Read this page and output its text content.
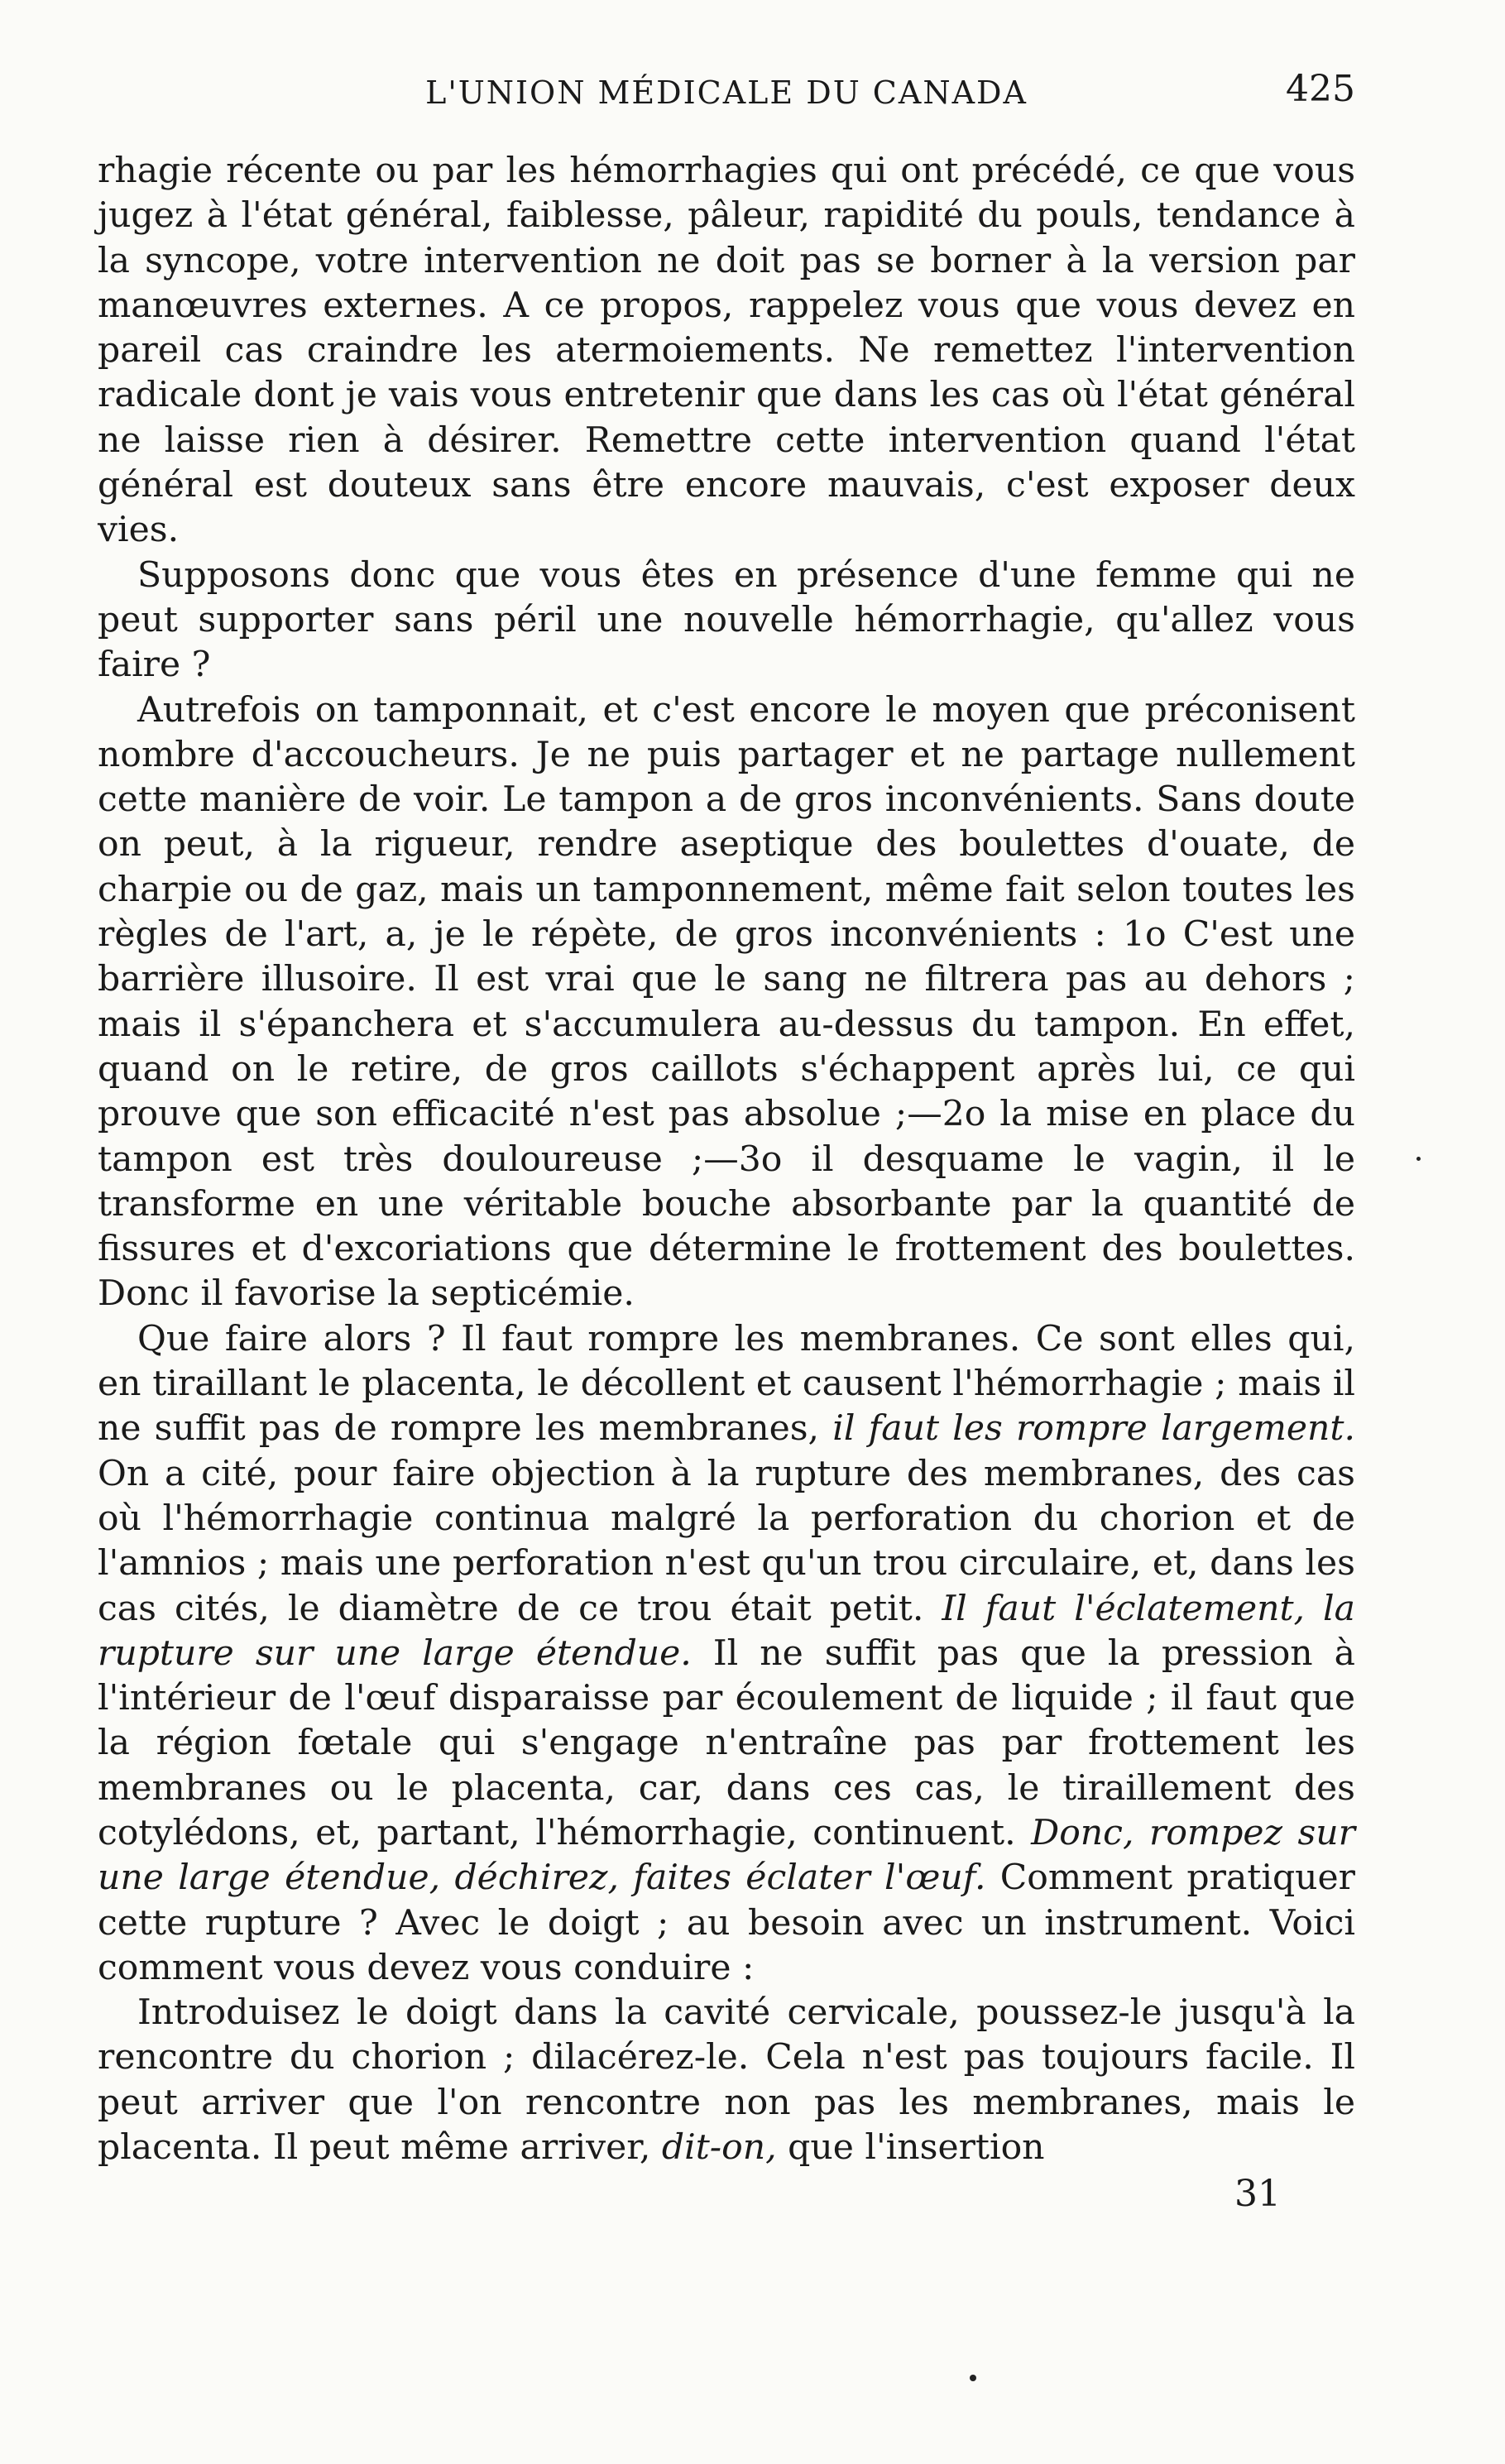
L'UNION MÉDICALE DU CANADA	425

rhagie récente ou par les hémorrhagies qui ont précédé, ce que vous jugez à l'état général, faiblesse, pâleur, rapidité du pouls, tendance à la syncope, votre intervention ne doit pas se borner à la version par manœuvres externes. A ce propos, rappelez vous que vous devez en pareil cas craindre les atermoiements. Ne remettez l'intervention radicale dont je vais vous entretenir que dans les cas où l'état général ne laisse rien à désirer. Remettre cette intervention quand l'état général est douteux sans être encore mauvais, c'est exposer deux vies.

Supposons donc que vous êtes en présence d'une femme qui ne peut supporter sans péril une nouvelle hémorrhagie, qu'allez vous faire ?

Autrefois on tamponnait, et c'est encore le moyen que préconisent nombre d'accoucheurs. Je ne puis partager et ne partage nullement cette manière de voir. Le tampon a de gros inconvénients. Sans doute on peut, à la rigueur, rendre aseptique des boulettes d'ouate, de charpie ou de gaz, mais un tamponnement, même fait selon toutes les règles de l'art, a, je le répète, de gros inconvénients : 1o C'est une barrière illusoire. Il est vrai que le sang ne filtrera pas au dehors ; mais il s'épanchera et s'accumulera au-dessus du tampon. En effet, quand on le retire, de gros caillots s'échappent après lui, ce qui prouve que son efficacité n'est pas absolue ;—2o la mise en place du tampon est très douloureuse ;—3o il desquame le vagin, il le transforme en une véritable bouche absorbante par la quantité de fissures et d'excoriations que détermine le frottement des boulettes. Donc il favorise la septicémie.

Que faire alors ? Il faut rompre les membranes. Ce sont elles qui, en tiraillant le placenta, le décollent et causent l'hémorrhagie ; mais il ne suffit pas de rompre les membranes, il faut les rompre largement. On a cité, pour faire objection à la rupture des membranes, des cas où l'hémorrhagie continua malgré la perforation du chorion et de l'amnios ; mais une perforation n'est qu'un trou circulaire, et, dans les cas cités, le diamètre de ce trou était petit. Il faut l'éclatement, la rupture sur une large étendue. Il ne suffit pas que la pression à l'intérieur de l'œuf disparaisse par écoulement de liquide ; il faut que la région fœtale qui s'engage n'entraîne pas par frottement les membranes ou le placenta, car, dans ces cas, le tiraillement des cotylédons, et, partant, l'hémorrhagie, continuent. Donc, rompez sur une large étendue, déchirez, faites éclater l'œuf. Comment pratiquer cette rupture ? Avec le doigt ; au besoin avec un instrument. Voici comment vous devez vous conduire :

Introduisez le doigt dans la cavité cervicale, poussez-le jusqu'à la rencontre du chorion ; dilacérez-le. Cela n'est pas toujours facile. Il peut arriver que l'on rencontre non pas les membranes, mais le placenta. Il peut même arriver, dit-on, que l'insertion

31
